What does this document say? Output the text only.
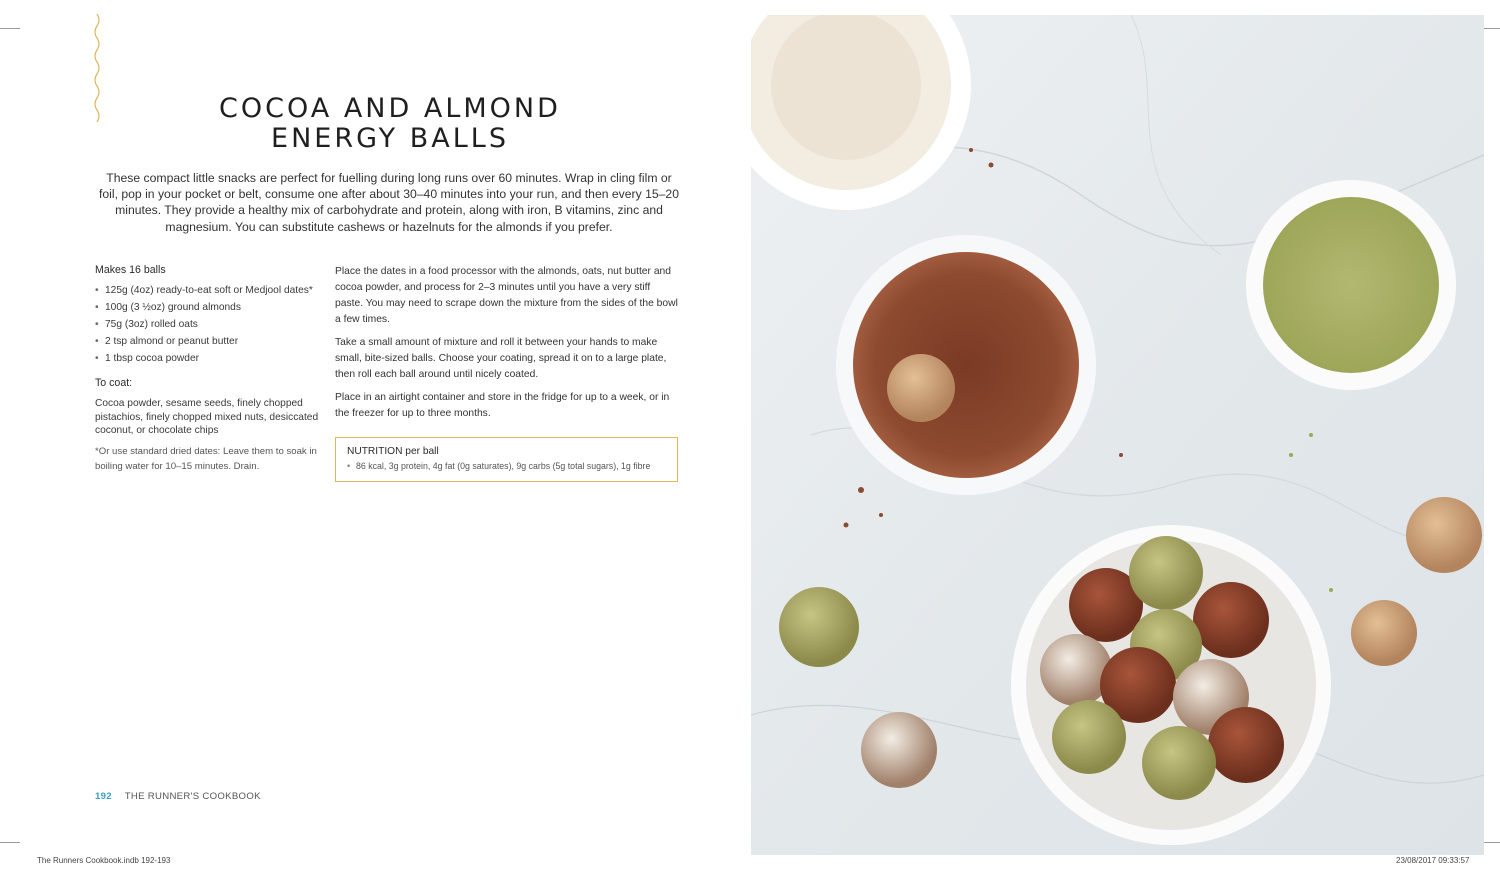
COCOA AND ALMOND
ENERGY BALLS
These compact little snacks are perfect for fuelling during long runs over 60 minutes. Wrap in cling film or foil, pop in your pocket or belt, consume one after about 30–40 minutes into your run, and then every 15–20 minutes. They provide a healthy mix of carbohydrate and protein, along with iron, B vitamins, zinc and magnesium. You can substitute cashews or hazelnuts for the almonds if you prefer.
Makes 16 balls
• 125g (4oz) ready-to-eat soft or Medjool dates*
• 100g (3 ½oz) ground almonds
• 75g (3oz) rolled oats
• 2 tsp almond or peanut butter
• 1 tbsp cocoa powder
To coat:
Cocoa powder, sesame seeds, finely chopped pistachios, finely chopped mixed nuts, desiccated coconut, or chocolate chips
*Or use standard dried dates: Leave them to soak in boiling water for 10–15 minutes. Drain.

Place the dates in a food processor with the almonds, oats, nut butter and cocoa powder, and process for 2–3 minutes until you have a very stiff paste. You may need to scrape down the mixture from the sides of the bowl a few times.

Take a small amount of mixture and roll it between your hands to make small, bite-sized balls. Choose your coating, spread it on to a large plate, then roll each ball around until nicely coated.

Place in an airtight container and store in the fridge for up to a week, or in the freezer for up to three months.

NUTRITION per ball
• 86 kcal, 3g protein, 4g fat (0g saturates), 9g carbs (5g total sugars), 1g fibre
192 THE RUNNER'S COOKBOOK
The Runners Cookbook.indb 192-193	23/08/2017 09:33:57
